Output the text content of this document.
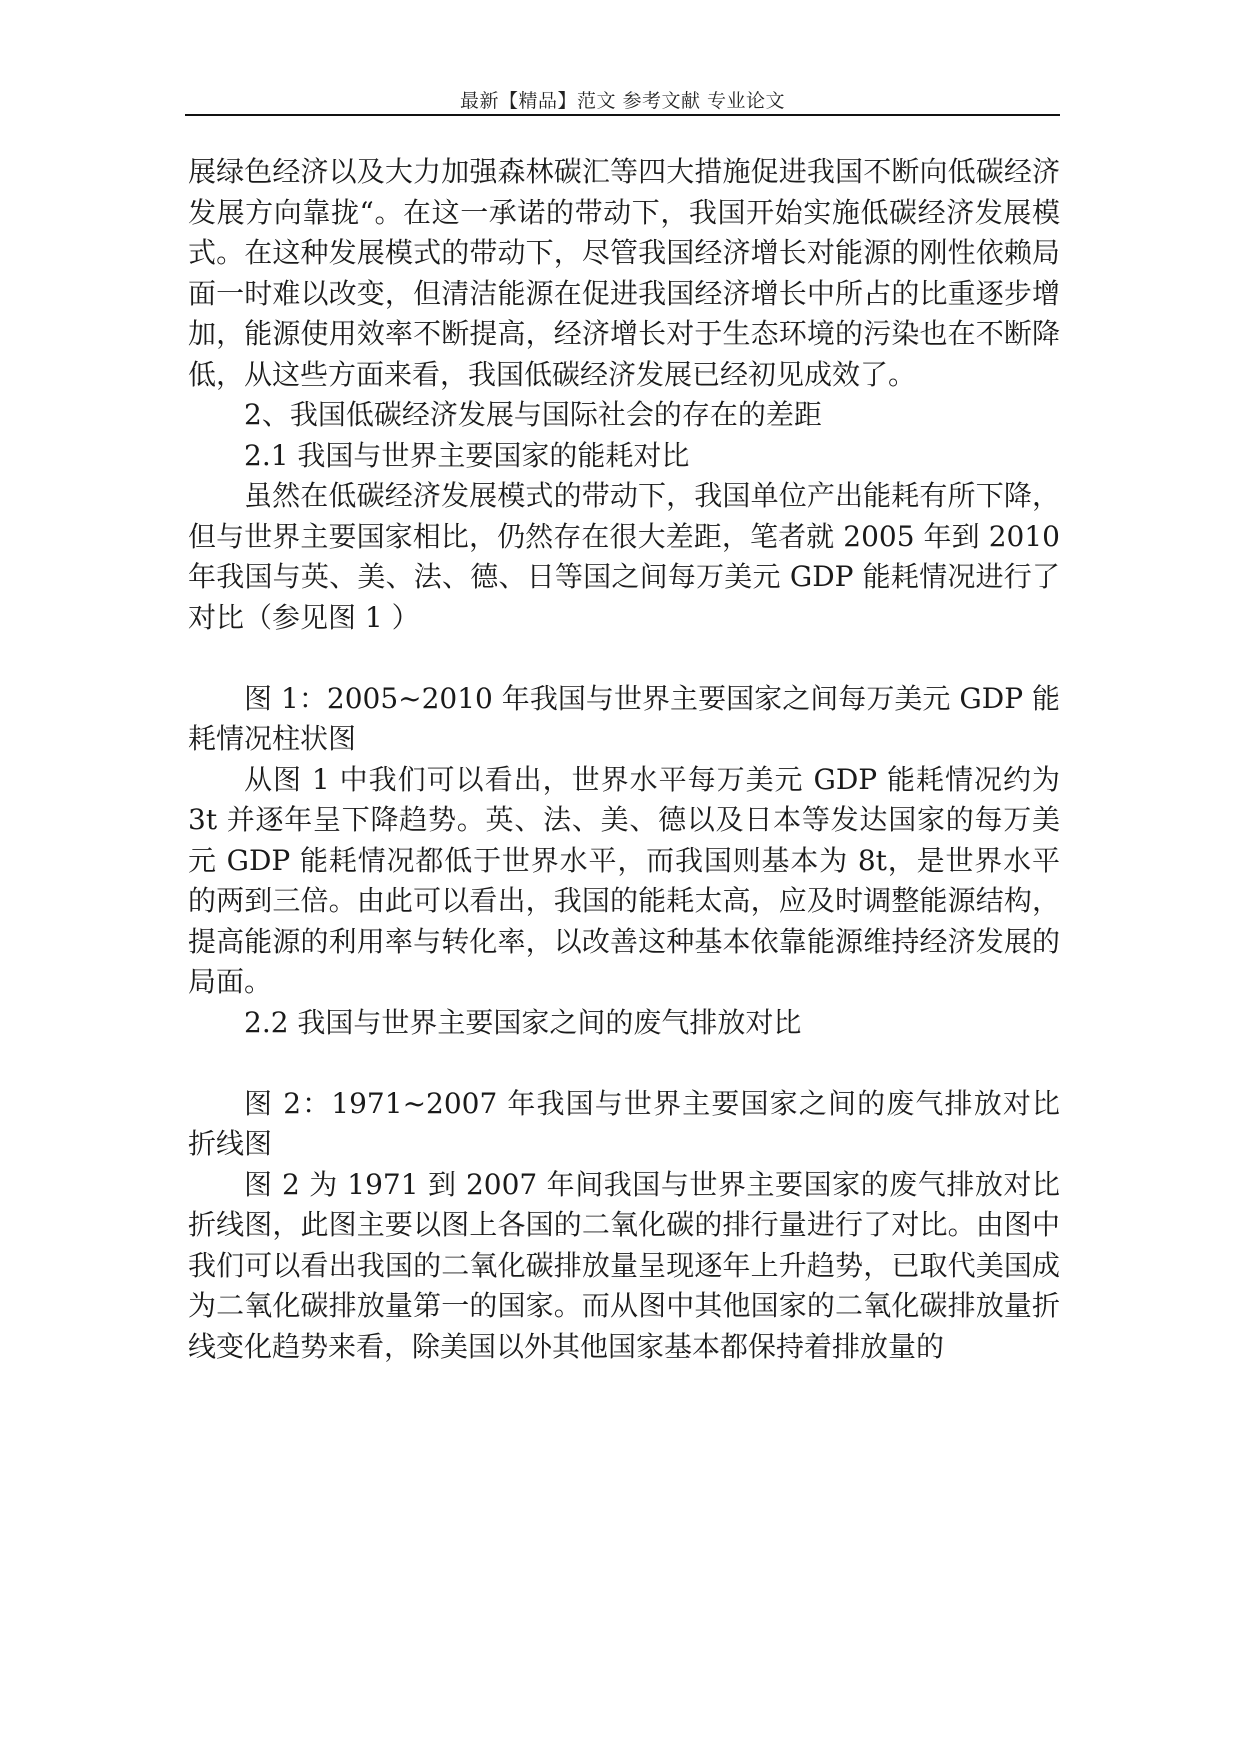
最新【精品】范文 参考文献 专业论文

展绿色经济以及大力加强森林碳汇等四大措施促进我国不断向低碳经济发展方向靠拢“。在这一承诺的带动下，我国开始实施低碳经济发展模式。在这种发展模式的带动下，尽管我国经济增长对能源的刚性依赖局面一时难以改变，但清洁能源在促进我国经济增长中所占的比重逐步增加，能源使用效率不断提高，经济增长对于生态环境的污染也在不断降低，从这些方面来看，我国低碳经济发展已经初见成效了。

2、我国低碳经济发展与国际社会的存在的差距

2.1 我国与世界主要国家的能耗对比

虽然在低碳经济发展模式的带动下，我国单位产出能耗有所下降，但与世界主要国家相比，仍然存在很大差距，笔者就 2005 年到 2010 年我国与英、美、法、德、日等国之间每万美元 GDP 能耗情况进行了对比（参见图 1 ）

图 1：2005~2010 年我国与世界主要国家之间每万美元 GDP 能耗情况柱状图

从图 1 中我们可以看出，世界水平每万美元 GDP 能耗情况约为 3t 并逐年呈下降趋势。英、法、美、德以及日本等发达国家的每万美元 GDP 能耗情况都低于世界水平，而我国则基本为 8t，是世界水平的两到三倍。由此可以看出，我国的能耗太高，应及时调整能源结构，提高能源的利用率与转化率，以改善这种基本依靠能源维持经济发展的局面。

2.2 我国与世界主要国家之间的废气排放对比

图 2：1971~2007 年我国与世界主要国家之间的废气排放对比折线图

图 2 为 1971 到 2007 年间我国与世界主要国家的废气排放对比折线图，此图主要以图上各国的二氧化碳的排行量进行了对比。由图中我们可以看出我国的二氧化碳排放量呈现逐年上升趋势，已取代美国成为二氧化碳排放量第一的国家。而从图中其他国家的二氧化碳排放量折线变化趋势来看，除美国以外其他国家基本都保持着排放量的
